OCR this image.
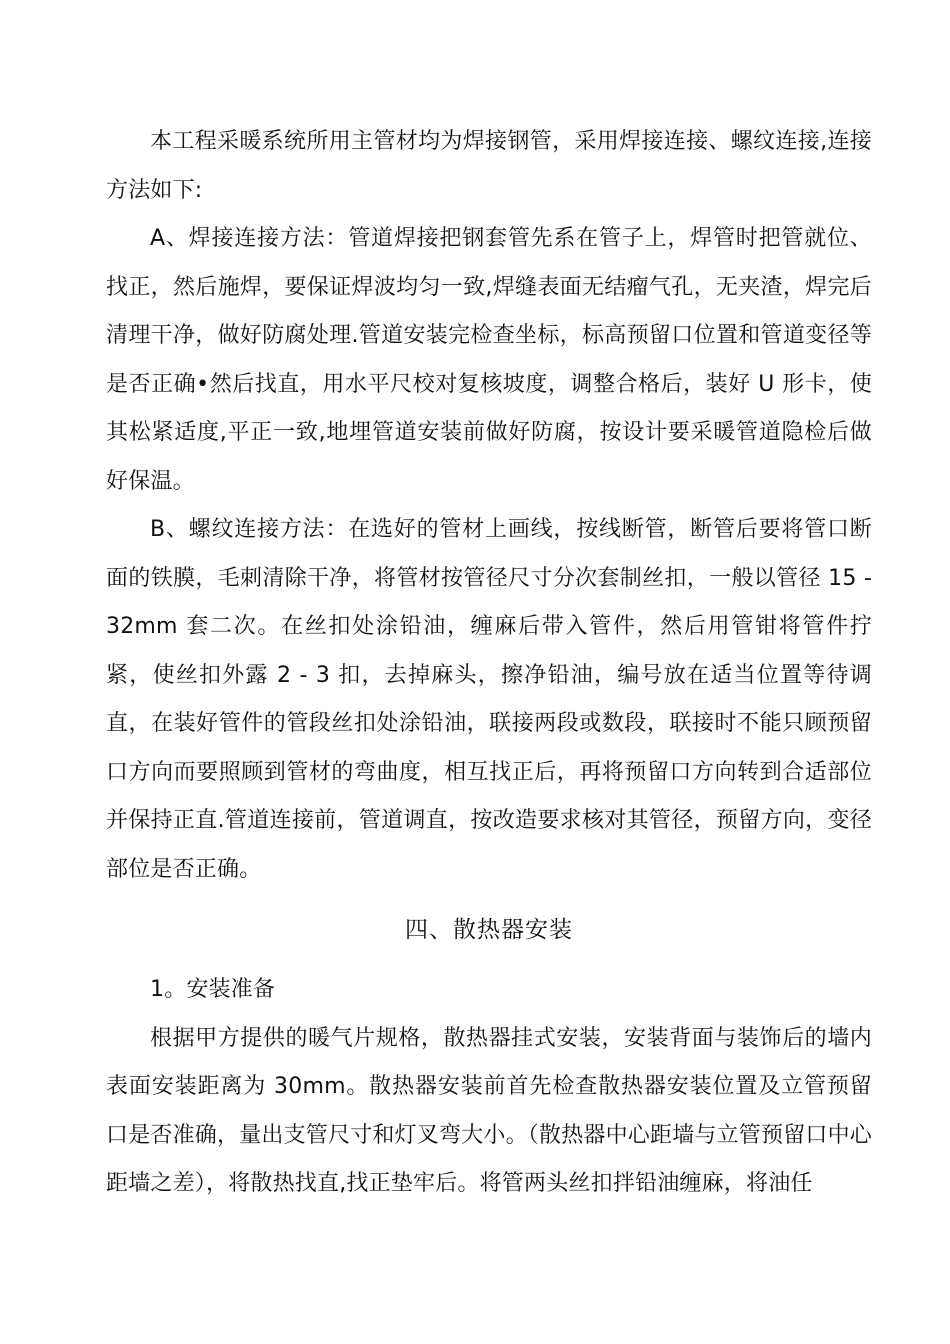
本工程采暖系统所用主管材均为焊接钢管，采用焊接连接、螺纹连接,连接方法如下:

A、焊接连接方法：管道焊接把钢套管先系在管子上，焊管时把管就位、找正，然后施焊，要保证焊波均匀一致,焊缝表面无结瘤气孔，无夹渣，焊完后清理干净，做好防腐处理.管道安装完检查坐标，标高预留口位置和管道变径等是否正确•然后找直，用水平尺校对复核坡度，调整合格后，装好 U 形卡，使其松紧适度,平正一致,地埋管道安装前做好防腐，按设计要采暖管道隐检后做好保温。

B、螺纹连接方法：在选好的管材上画线，按线断管，断管后要将管口断面的铁膜，毛刺清除干净，将管材按管径尺寸分次套制丝扣，一般以管径 15 - 32mm 套二次。在丝扣处涂铅油，缠麻后带入管件，然后用管钳将管件拧紧，使丝扣外露 2 - 3 扣，去掉麻头，擦净铅油，编号放在适当位置等待调直，在装好管件的管段丝扣处涂铅油，联接两段或数段，联接时不能只顾预留口方向而要照顾到管材的弯曲度，相互找正后，再将预留口方向转到合适部位并保持正直.管道连接前，管道调直，按改造要求核对其管径，预留方向，变径部位是否正确。

四、散热器安装

1。安装准备

根据甲方提供的暖气片规格，散热器挂式安装，安装背面与装饰后的墙内表面安装距离为 30mm。散热器安装前首先检查散热器安装位置及立管预留口是否准确，量出支管尺寸和灯叉弯大小。（散热器中心距墙与立管预留口中心距墙之差），将散热找直,找正垫牢后。将管两头丝扣拌铅油缠麻，将油任
